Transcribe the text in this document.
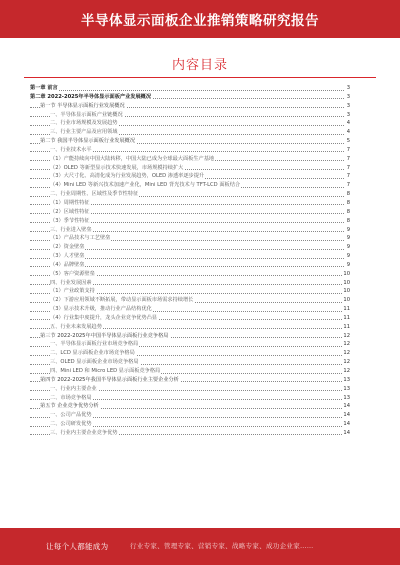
半导体显示面板企业推销策略研究报告
内容目录
第一章 前言	3
第二章 2022-2025年半导体显示面板产业发展概况	3
第一节 半导体显示面板行业发展概况	3
一、半导体显示面板产业链概况	3
二、行业市场规模及发展趋势	4
三、行业主要产品及应用领域	4
第二节 我国半导体显示面板行业发展概况	5
一、行业技术水平	7
（1）产能持续向中国大陆转移，中国大陆已成为全球最大面板生产基地	7
（2）OLED 等新型显示技术快速发展，市场规模持续扩大	7
（3）大尺寸化、高清化成为行业发展趋势，OLED 渗透率逐步提升	7
（4）Mini LED 等新兴技术加速产业化，Mini LED 背光技术与 TFT-LCD 面板结合	7
二、行业周期性、区域性及季节性特征	8
（1）周期性特征	8
（2）区域性特征	8
（3）季节性特征	8
三、行业进入壁垒	9
（1）产品技术与工艺壁垒	9
（2）资金壁垒	9
（3）人才壁垒	9
（4）品牌壁垒	9
（5）客户资源壁垒	10
四、行业发展因素	10
（1）产业政策支持	10
（2）下游应用领域不断拓展，带动显示面板市场需求持续增长	10
（3）显示技术升级，推动行业产品结构优化	11
（4）行业集中度提升，龙头企业竞争优势凸显	11
五、行业未来发展趋势	11
第三节 2022-2025年中国半导体显示面板行业竞争格局	12
一、半导体显示面板行业市场竞争格局	12
二、LCD 显示面板企业市场竞争格局	12
三、OLED 显示面板企业市场竞争格局	12
四、Mini LED 和 Micro LED 显示面板竞争格局	12
第四节 2022-2025年我国半导体显示面板行业主要企业分析	13
一、行业内主要企业	13
二、市场竞争格局	13
第五节 企业竞争优势分析	14
一、公司产品优势	14
二、公司研发优势	14
三、行业内主要企业竞争优势	14
让每个人都能成为	行业专家、管理专家、营销专家、战略专家、成功企业家……
